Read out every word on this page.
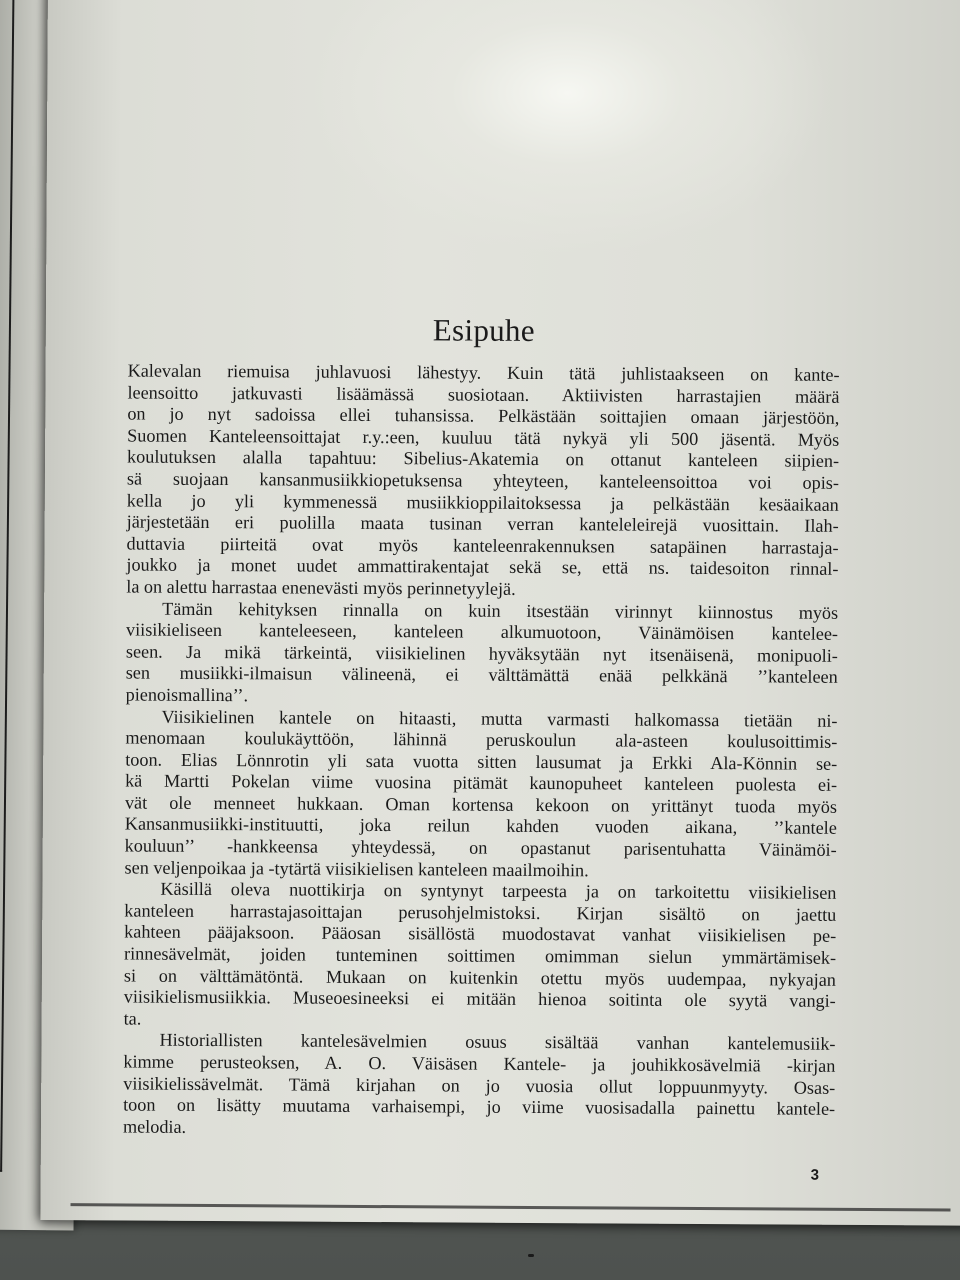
Esipuhe

Kalevalan riemuisa juhlavuosi lähestyy. Kuin tätä juhlistaakseen on kante-
leensoitto jatkuvasti lisäämässä suosiotaan. Aktiivisten harrastajien määrä
on jo nyt sadoissa ellei tuhansissa. Pelkästään soittajien omaan järjestöön,
Suomen Kanteleensoittajat r.y.:een, kuuluu tätä nykyä yli 500 jäsentä. Myös
koulutuksen alalla tapahtuu: Sibelius-Akatemia on ottanut kanteleen siipien-
sä suojaan kansanmusiikkiopetuksensa yhteyteen, kanteleensoittoa voi opis-
kella jo yli kymmenessä musiikkioppilaitoksessa ja pelkästään kesäaikaan
järjestetään eri puolilla maata tusinan verran kanteleleirejä vuosittain. Ilah-
duttavia piirteitä ovat myös kanteleenrakennuksen satapäinen harrastaja-
joukko ja monet uudet ammattirakentajat sekä se, että ns. taidesoiton rinnal-
la on alettu harrastaa enenevästi myös perinnetyylejä.

Tämän kehityksen rinnalla on kuin itsestään virinnyt kiinnostus myös
viisikieliseen kanteleeseen, kanteleen alkumuotoon, Väinämöisen kantelee-
seen. Ja mikä tärkeintä, viisikielinen hyväksytään nyt itsenäisenä, monipuoli-
sen musiikki-ilmaisun välineenä, ei välttämättä enää pelkkänä ’’kanteleen
pienoismallina’’.

Viisikielinen kantele on hitaasti, mutta varmasti halkomassa tietään ni-
menomaan koulukäyttöön, lähinnä peruskoulun ala-asteen koulusoittimis-
toon. Elias Lönnrotin yli sata vuotta sitten lausumat ja Erkki Ala-Könnin se-
kä Martti Pokelan viime vuosina pitämät kaunopuheet kanteleen puolesta ei-
vät ole menneet hukkaan. Oman kortensa kekoon on yrittänyt tuoda myös
Kansanmusiikki-instituutti, joka reilun kahden vuoden aikana, ’’kantele
kouluun’’ -hankkeensa yhteydessä, on opastanut parisentuhatta Väinämöi-
sen veljenpoikaa ja -tytärtä viisikielisen kanteleen maailmoihin.

Käsillä oleva nuottikirja on syntynyt tarpeesta ja on tarkoitettu viisikielisen
kanteleen harrastajasoittajan perusohjelmistoksi. Kirjan sisältö on jaettu
kahteen pääjaksoon. Pääosan sisällöstä muodostavat vanhat viisikielisen pe-
rinnesävelmät, joiden tunteminen soittimen omimman sielun ymmärtämisek-
si on välttämätöntä. Mukaan on kuitenkin otettu myös uudempaa, nykyajan
viisikielismusiikkia. Museoesineeksi ei mitään hienoa soitinta ole syytä vangi-
ta.

Historiallisten kantelesävelmien osuus sisältää vanhan kantelemusiik-
kimme perusteoksen, A. O. Väisäsen Kantele- ja jouhikkosävelmiä -kirjan
viisikielissävelmät. Tämä kirjahan on jo vuosia ollut loppuunmyyty. Osas-
toon on lisätty muutama varhaisempi, jo viime vuosisadalla painettu kantele-
melodia.

3
